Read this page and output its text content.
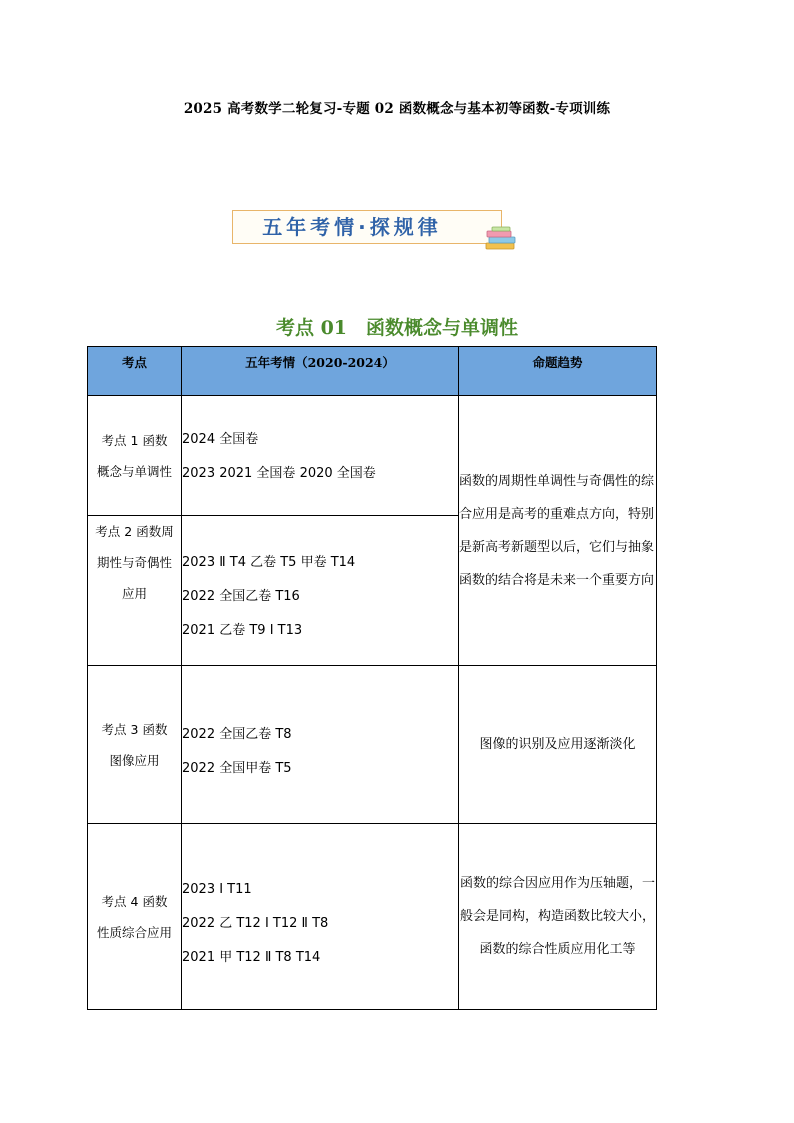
2025 高考数学二轮复习-专题 02 函数概念与基本初等函数-专项训练
五年考情·探规律
考点 01　函数概念与单调性
考点	五年考情（2020-2024）	命题趋势
考点 1 函数概念与单调性	2024 全国卷
2023 2021 全国卷 2020 全国卷	函数的周期性单调性与奇偶性的综合应用是高考的重难点方向，特别是新高考新题型以后，它们与抽象函数的结合将是未来一个重要方向
考点 2 函数周期性与奇偶性应用	2023 Ⅱ T4 乙卷 T5 甲卷 T14
2022 全国乙卷 T16
2021 乙卷 T9 Ⅰ T13	

考点 3 函数图像应用	2022 全国乙卷 T8
2022 全国甲卷 T5	图像的识别及应用逐渐淡化
考点 4 函数性质综合应用	2023 Ⅰ T11
2022 乙 T12 Ⅰ T12 Ⅱ T8
2021 甲 T12 Ⅱ T8 T14	函数的综合因应用作为压轴题，一般会是同构，构造函数比较大小，函数的综合性质应用化工等
